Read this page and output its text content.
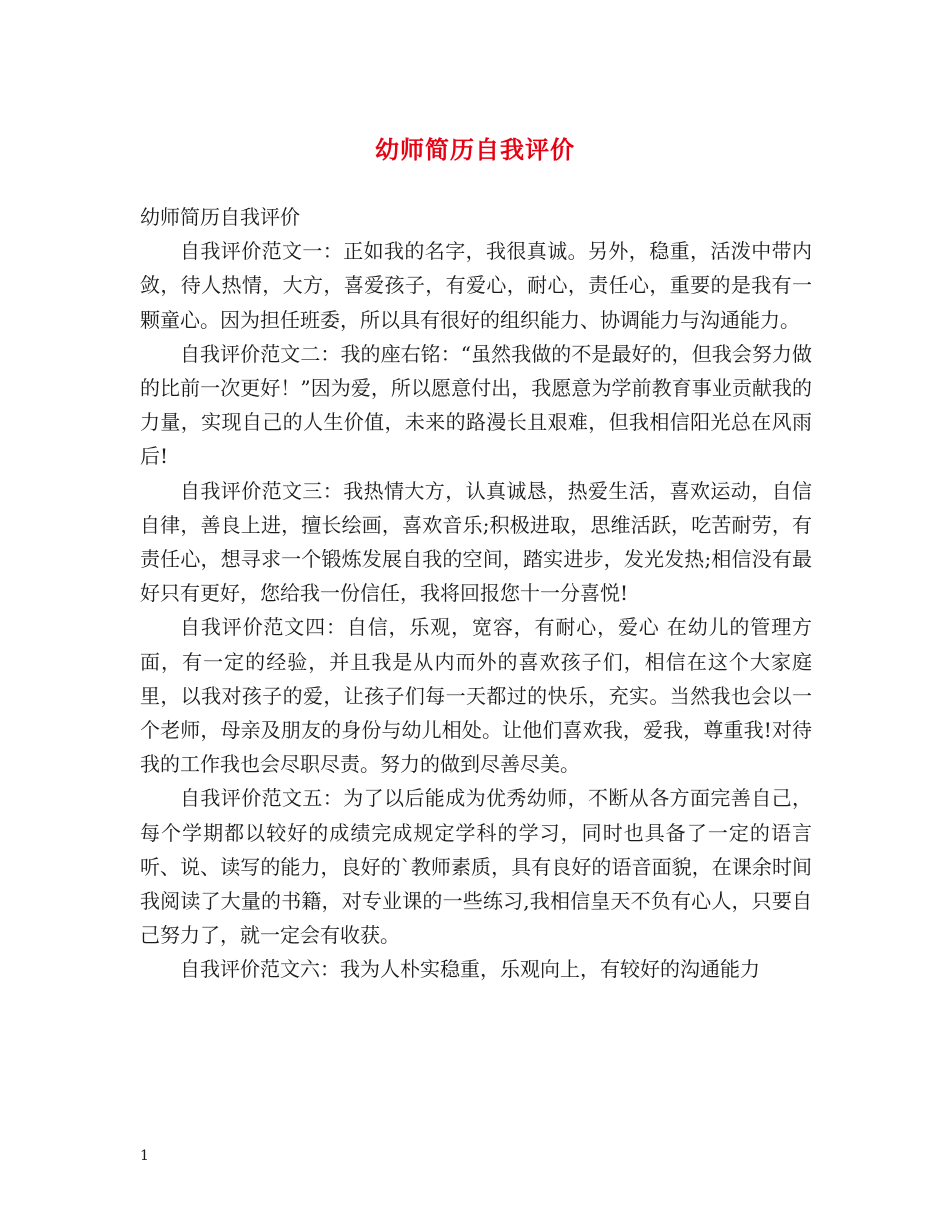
幼师简历自我评价

幼师简历自我评价

自我评价范文一：正如我的名字，我很真诚。另外，稳重，活泼中带内敛，待人热情，大方，喜爱孩子，有爱心，耐心，责任心，重要的是我有一颗童心。因为担任班委，所以具有很好的组织能力、协调能力与沟通能力。

自我评价范文二：我的座右铭：“虽然我做的不是最好的，但我会努力做的比前一次更好！”因为爱，所以愿意付出，我愿意为学前教育事业贡献我的力量，实现自己的人生价值，未来的路漫长且艰难，但我相信阳光总在风雨后!

自我评价范文三：我热情大方，认真诚恳，热爱生活，喜欢运动，自信自律，善良上进，擅长绘画，喜欢音乐;积极进取，思维活跃，吃苦耐劳，有责任心，想寻求一个锻炼发展自我的空间，踏实进步，发光发热;相信没有最好只有更好，您给我一份信任，我将回报您十一分喜悦!

自我评价范文四：自信，乐观，宽容，有耐心，爱心 在幼儿的管理方面，有一定的经验，并且我是从内而外的喜欢孩子们，相信在这个大家庭里，以我对孩子的爱，让孩子们每一天都过的快乐，充实。当然我也会以一个老师，母亲及朋友的身份与幼儿相处。让他们喜欢我，爱我，尊重我!对待我的工作我也会尽职尽责。努力的做到尽善尽美。

自我评价范文五：为了以后能成为优秀幼师，不断从各方面完善自己，每个学期都以较好的成绩完成规定学科的学习，同时也具备了一定的语言听、说、读写的能力，良好的`教师素质，具有良好的语音面貌，在课余时间我阅读了大量的书籍，对专业课的一些练习,我相信皇天不负有心人，只要自己努力了，就一定会有收获。

自我评价范文六：我为人朴实稳重，乐观向上，有较好的沟通能力

1
